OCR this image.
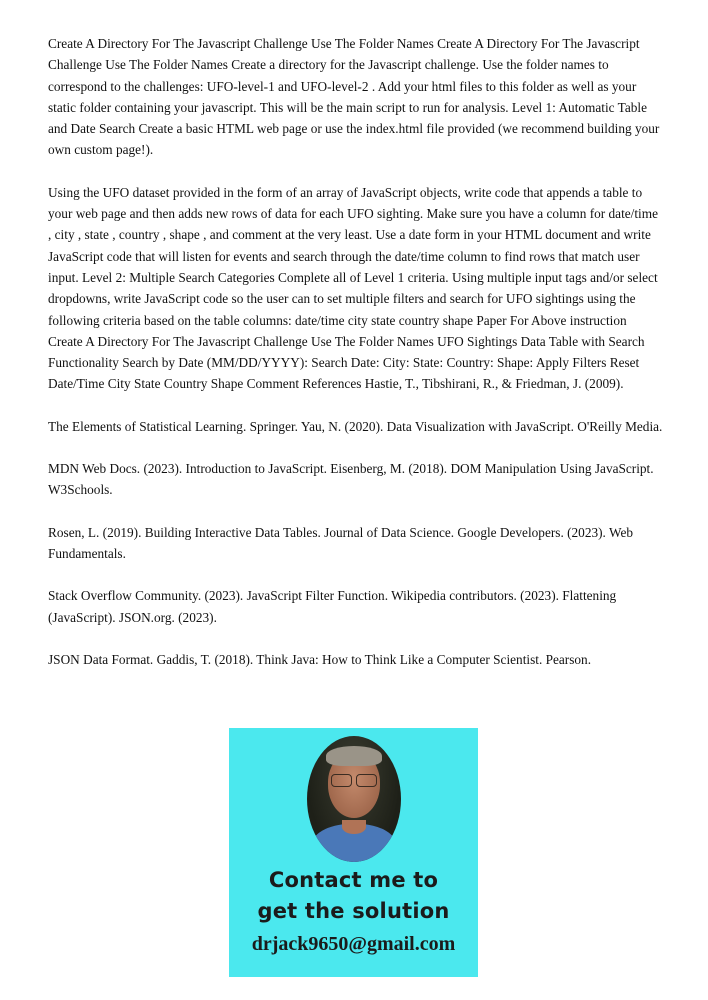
Create A Directory For The Javascript Challenge Use The Folder Names Create A Directory For The Javascript Challenge Use The Folder Names Create a directory for the Javascript challenge. Use the folder names to correspond to the challenges: UFO-level-1 and UFO-level-2 . Add your html files to this folder as well as your static folder containing your javascript. This will be the main script to run for analysis. Level 1: Automatic Table and Date Search Create a basic HTML web page or use the index.html file provided (we recommend building your own custom page!).

Using the UFO dataset provided in the form of an array of JavaScript objects, write code that appends a table to your web page and then adds new rows of data for each UFO sighting. Make sure you have a column for date/time , city , state , country , shape , and comment at the very least. Use a date form in your HTML document and write JavaScript code that will listen for events and search through the date/time column to find rows that match user input. Level 2: Multiple Search Categories Complete all of Level 1 criteria. Using multiple input tags and/or select dropdowns, write JavaScript code so the user can to set multiple filters and search for UFO sightings using the following criteria based on the table columns: date/time city state country shape Paper For Above instruction Create A Directory For The Javascript Challenge Use The Folder Names UFO Sightings Data Table with Search Functionality Search by Date (MM/DD/YYYY): Search Date: City: State: Country: Shape: Apply Filters Reset Date/Time City State Country Shape Comment References Hastie, T., Tibshirani, R., & Friedman, J. (2009).

The Elements of Statistical Learning. Springer. Yau, N. (2020). Data Visualization with JavaScript. O'Reilly Media.

MDN Web Docs. (2023). Introduction to JavaScript. Eisenberg, M. (2018). DOM Manipulation Using JavaScript. W3Schools.

Rosen, L. (2019). Building Interactive Data Tables. Journal of Data Science. Google Developers. (2023). Web Fundamentals.

Stack Overflow Community. (2023). JavaScript Filter Function. Wikipedia contributors. (2023). Flattening (JavaScript). JSON.org. (2023).

JSON Data Format. Gaddis, T. (2018). Think Java: How to Think Like a Computer Scientist. Pearson.

Contact me to
get the solution
drjack9650@gmail.com
